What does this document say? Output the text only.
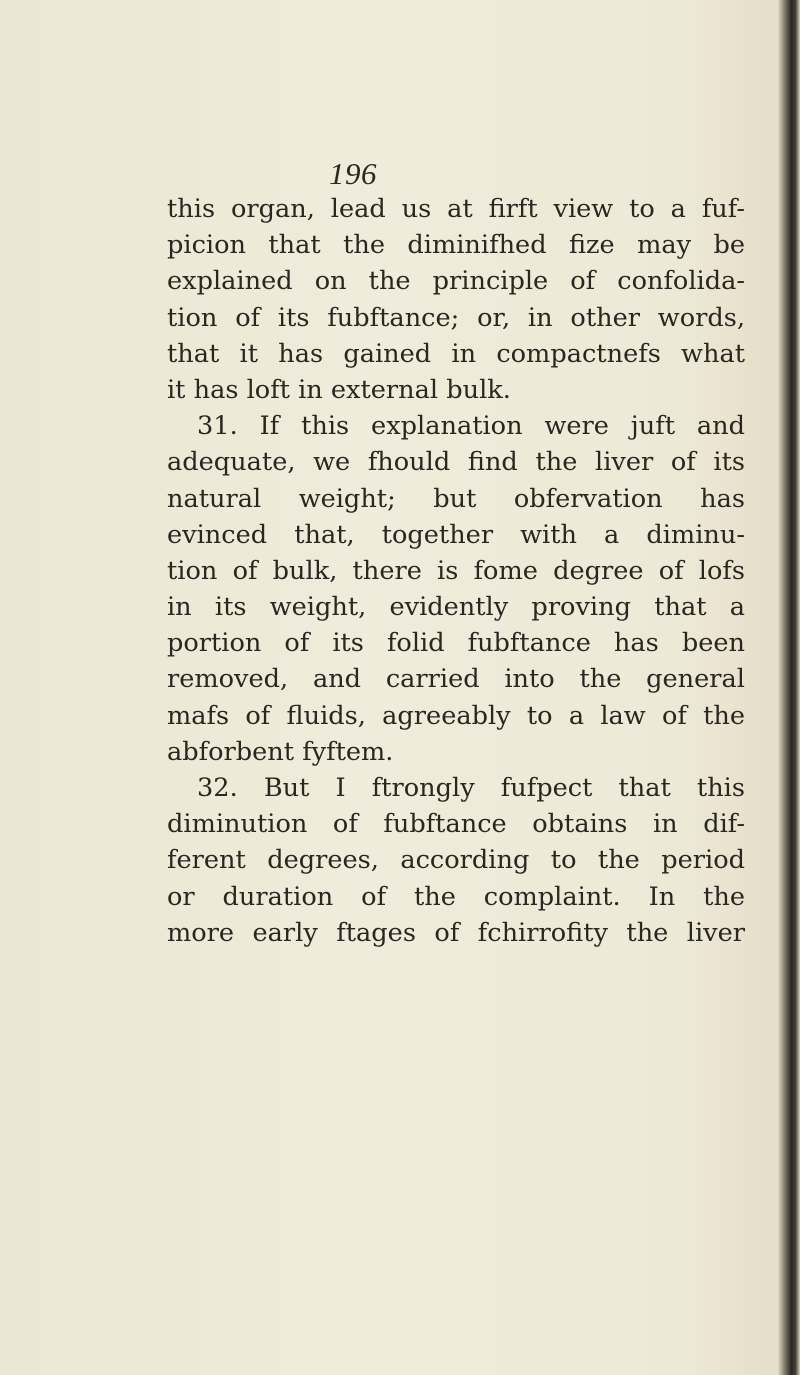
196
this organ, lead us at firft view to a fuf-
picion that the diminifhed fize may be
explained on the principle of confolida-
tion of its fubftance; or, in other words,
that it has gained in compactnefs what
it has loft in external bulk.
31. If this explanation were juft and
adequate, we fhould find the liver of its
natural weight; but obfervation has
evinced that, together with a diminu-
tion of bulk, there is fome degree of lofs
in its weight, evidently proving that a
portion of its folid fubftance has been
removed, and carried into the general
mafs of fluids, agreeably to a law of the
abforbent fyftem.
32. But I ftrongly fufpect that this
diminution of fubftance obtains in dif-
ferent degrees, according to the period
or duration of the complaint. In the
more early ftages of fchirrofity the liver
